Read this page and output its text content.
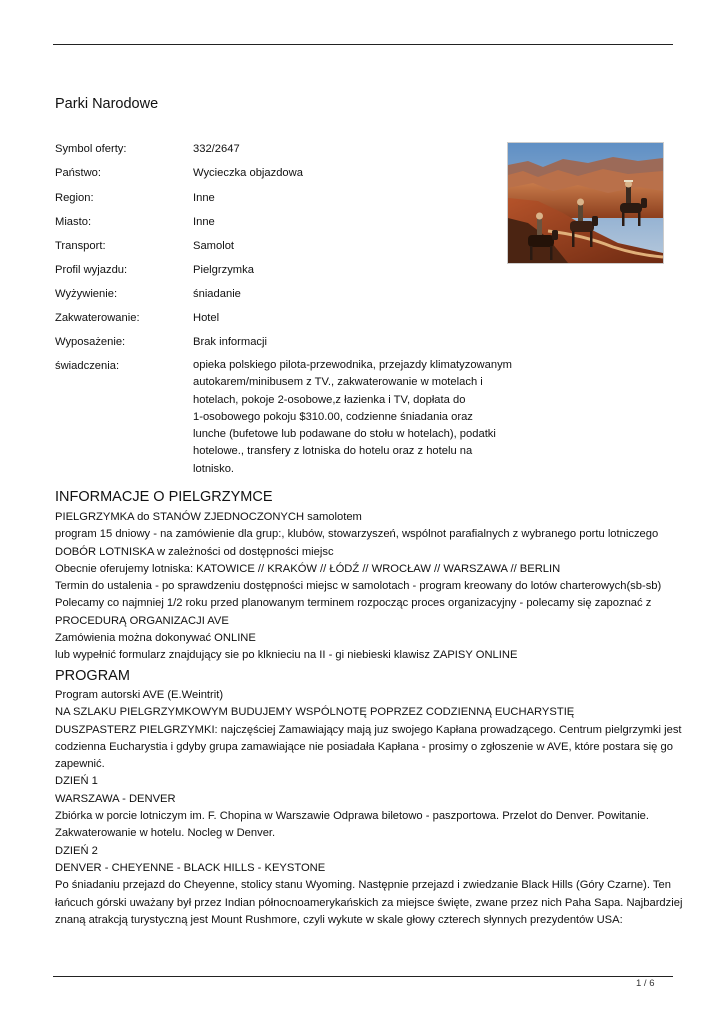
Parki Narodowe
Symbol oferty:	332/2647
Państwo:	Wycieczka objazdowa
Region:	Inne
Miasto:	Inne
Transport:	Samolot
Profil wyjazdu:	Pielgrzymka
Wyżywienie:	śniadanie
Zakwaterowanie:	Hotel
Wyposażenie:	Brak informacji
świadczenia:	opieka polskiego pilota-przewodnika, przejazdy klimatyzowanym
autokarem/minibusem z TV., zakwaterowanie w motelach i
hotelach, pokoje 2-osobowe,z łazienka i TV, dopłata do
1-osobowego pokoju $310.00, codzienne śniadania oraz
lunche (bufetowe lub podawane do stołu w hotelach), podatki
hotelowe., transfery z lotniska do hotelu oraz z hotelu na
lotnisko.
INFORMACJE O PIELGRZYMCE
PIELGRZYMKA do STANÓW ZJEDNOCZONYCH samolotem
program 15 dniowy - na zamówienie dla grup:, klubów, stowarzyszeń, wspólnot parafialnych z wybranego portu lotniczego
DOBÓR LOTNISKA w zależności od dostępności miejsc
Obecnie oferujemy lotniska: KATOWICE // KRAKÓW // ŁÓDŹ // WROCŁAW // WARSZAWA // BERLIN
Termin do ustalenia - po sprawdzeniu dostępności miejsc w samolotach - program kreowany do lotów charterowych(sb-sb)
Polecamy co najmniej 1/2 roku przed planowanym terminem rozpocząc proces organizacyjny - polecamy się zapoznać z
PROCEDURĄ ORGANIZACJI AVE
Zamówienia można dokonywać ONLINE
lub wypełnić formularz znajdujący sie po klknieciu na II - gi niebieski klawisz ZAPISY ONLINE
PROGRAM
Program autorski AVE (E.Weintrit)
NA SZLAKU PIELGRZYMKOWYM BUDUJEMY WSPÓLNOTĘ POPRZEZ CODZIENNĄ EUCHARYSTIĘ
DUSZPASTERZ PIELGRZYMKI: najczęściej Zamawiający mają juz swojego Kapłana prowadzącego. Centrum pielgrzymki jest
codzienna Eucharystia i gdyby grupa zamawiające nie posiadała Kapłana - prosimy o zgłoszenie w AVE, które postara się go
zapewnić.
DZIEŃ 1
WARSZAWA - DENVER
Zbiórka w porcie lotniczym im. F. Chopina w Warszawie Odprawa biletowo - paszportowa. Przelot do Denver. Powitanie.
Zakwaterowanie w hotelu. Nocleg w Denver.
DZIEŃ 2
DENVER - CHEYENNE - BLACK HILLS - KEYSTONE
Po śniadaniu przejazd do Cheyenne, stolicy stanu Wyoming. Następnie przejazd i zwiedzanie Black Hills (Góry Czarne). Ten
łańcuch górski uważany był przez Indian północnoamerykańskich za miejsce święte, zwane przez nich Paha Sapa. Najbardziej
znaną atrakcją turystyczną jest Mount Rushmore, czyli wykute w skale głowy czterech słynnych prezydentów USA:
1 / 6
